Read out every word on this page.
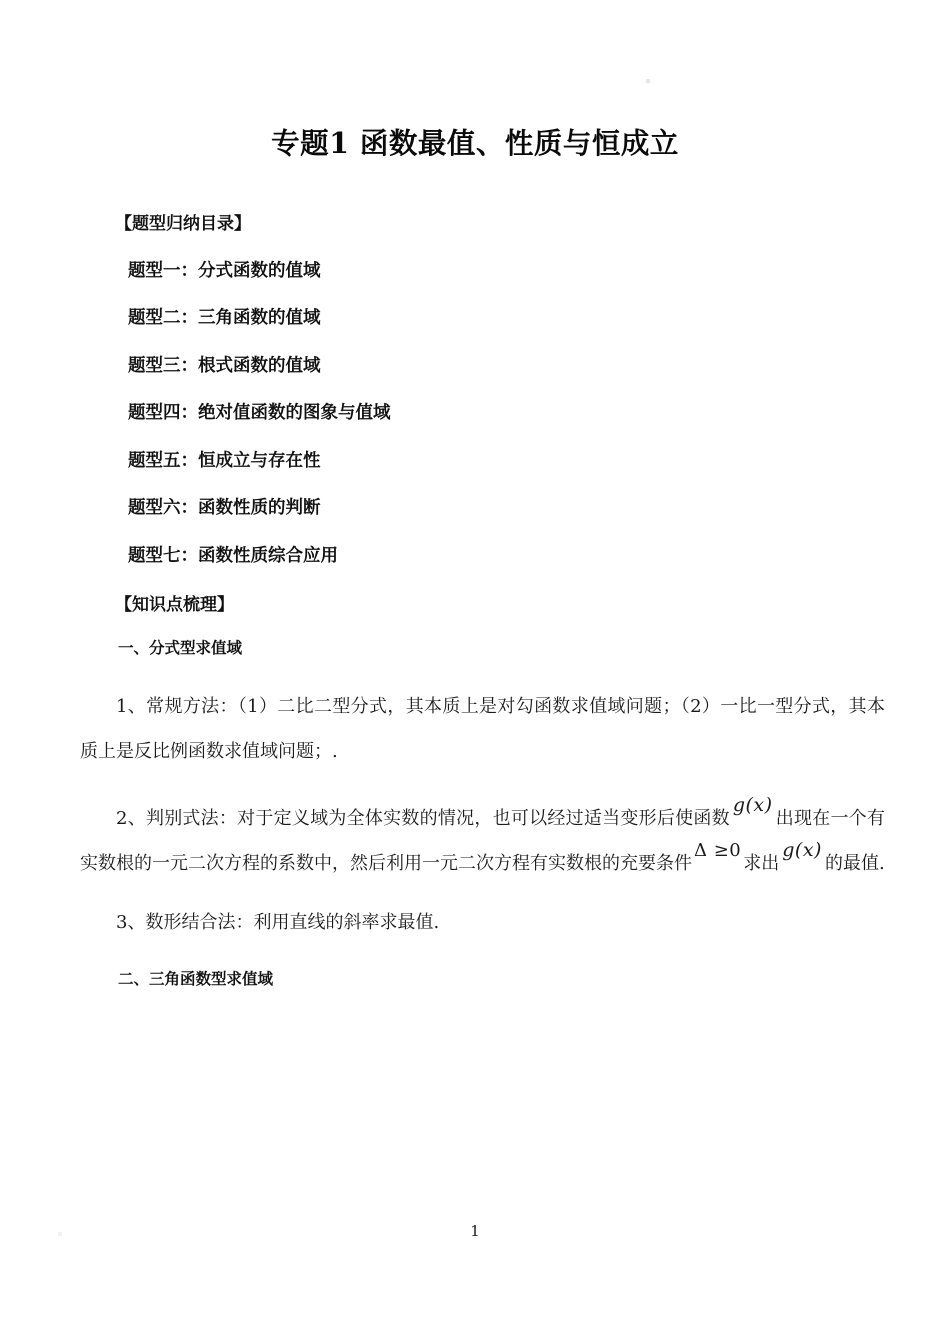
专题1 函数最值、性质与恒成立

【题型归纳目录】

题型一：分式函数的值域

题型二：三角函数的值域

题型三：根式函数的值域

题型四：绝对值函数的图象与值域

题型五：恒成立与存在性

题型六：函数性质的判断

题型七：函数性质综合应用

【知识点梳理】

一、分式型求值域

1、常规方法：（1）二比二型分式，其本质上是对勾函数求值域问题；（2）一比一型分式，其本质上是反比例函数求值域问题；.

2、判别式法：对于定义域为全体实数的情况，也可以经过适当变形后使函数g(x)出现在一个有实数根的一元二次方程的系数中，然后利用一元二次方程有实数根的充要条件Δ ≥0求出g(x)的最值.

3、数形结合法：利用直线的斜率求最值.

二、三角函数型求值域

1
